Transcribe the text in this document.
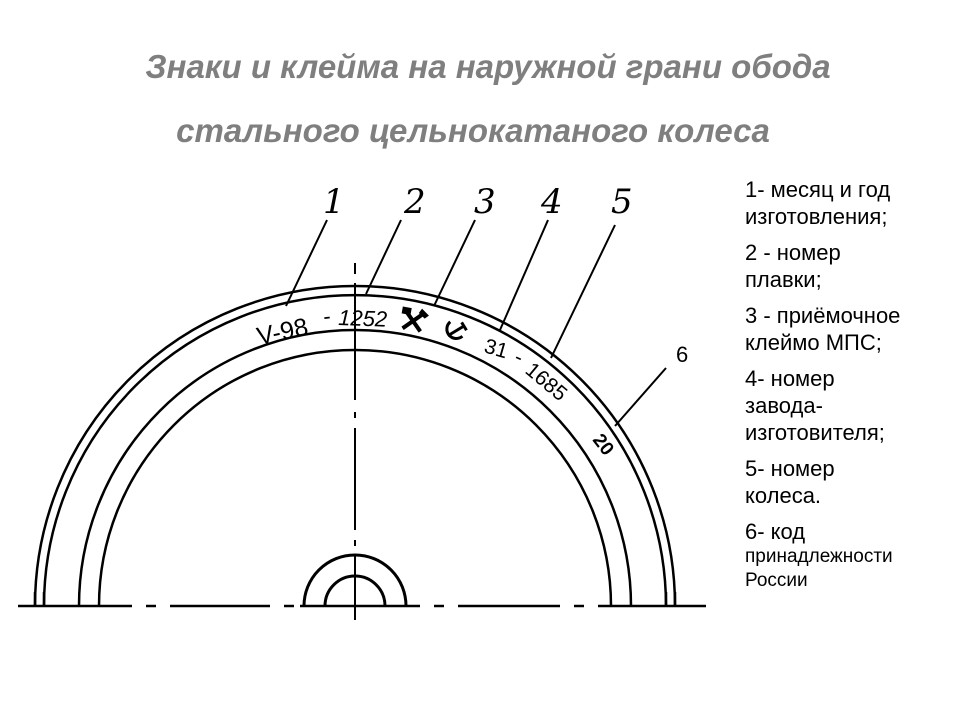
Знаки и клейма на наружной грани обода
стального цельнокатаного колеса
1 2 3 4 5
6
V-98 - 1252
31 -
1685
20
1- месяц и год
изготовления;
2 - номер
плавки;
3 - приёмочное
клеймо МПС;
4- номер
завода-
изготовителя;
5- номер
колеса.
6- код
принадлежности
России
